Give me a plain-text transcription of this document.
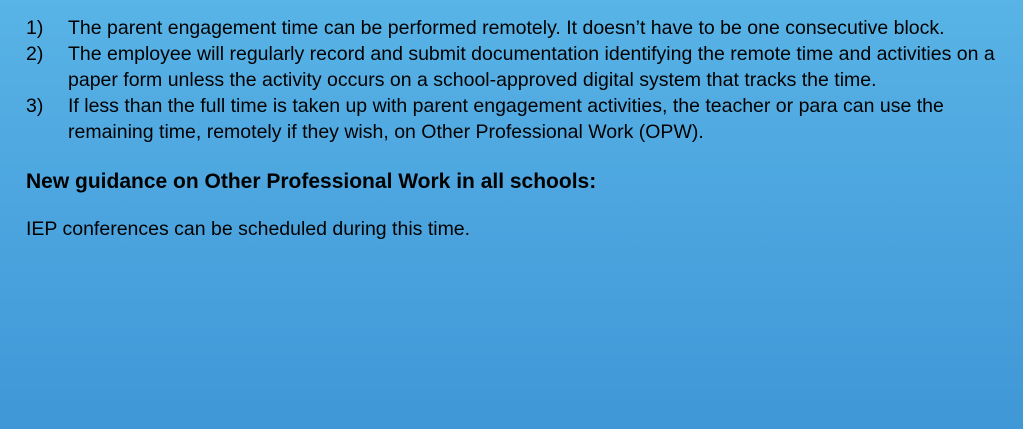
1) The parent engagement time can be performed remotely. It doesn’t have to be one consecutive block.
2) The employee will regularly record and submit documentation identifying the remote time and activities on a paper form unless the activity occurs on a school-approved digital system that tracks the time.
3) If less than the full time is taken up with parent engagement activities, the teacher or para can use the remaining time, remotely if they wish, on Other Professional Work (OPW).
New guidance on Other Professional Work in all schools:
IEP conferences can be scheduled during this time.
